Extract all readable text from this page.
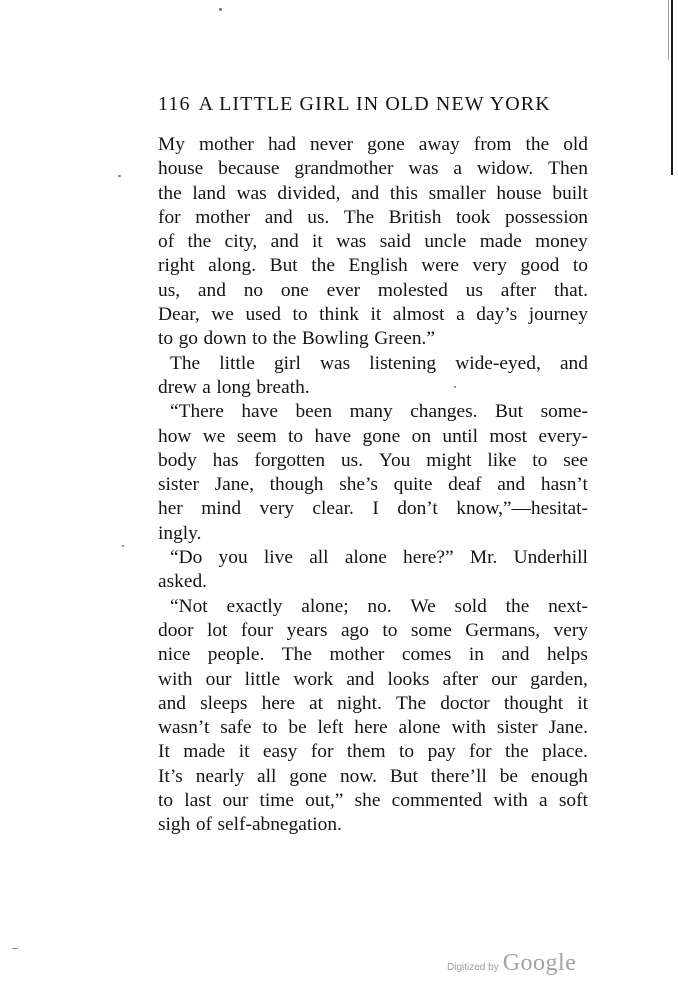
116 A LITTLE GIRL IN OLD NEW YORK
My mother had never gone away from the old
house because grandmother was a widow. Then
the land was divided, and this smaller house built
for mother and us. The British took possession
of the city, and it was said uncle made money
right along. But the English were very good to
us, and no one ever molested us after that.
Dear, we used to think it almost a day’s journey
to go down to the Bowling Green.”
The little girl was listening wide-eyed, and
drew a long breath.
“There have been many changes. But some-
how we seem to have gone on until most every-
body has forgotten us. You might like to see
sister Jane, though she’s quite deaf and hasn’t
her mind very clear. I don’t know,”—hesitat-
ingly.
“Do you live all alone here?” Mr. Underhill
asked.
“Not exactly alone; no. We sold the next-
door lot four years ago to some Germans, very
nice people. The mother comes in and helps
with our little work and looks after our garden,
and sleeps here at night. The doctor thought it
wasn’t safe to be left here alone with sister Jane.
It made it easy for them to pay for the place.
It’s nearly all gone now. But there’ll be enough
to last our time out,” she commented with a soft
sigh of self-abnegation.
Digitized by Google
